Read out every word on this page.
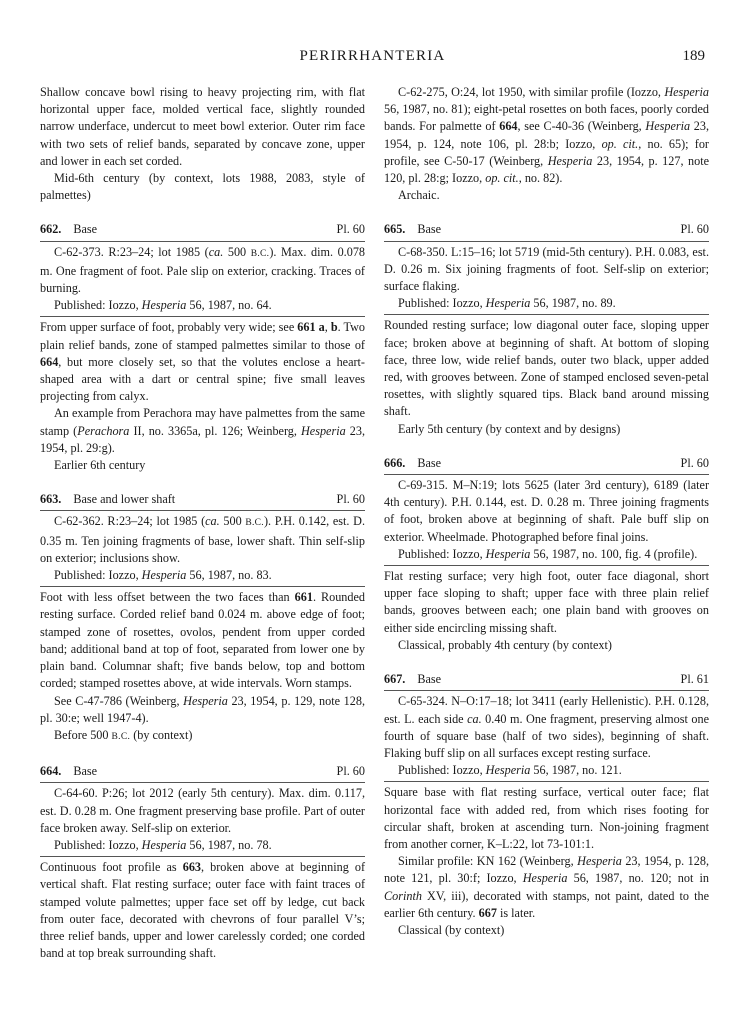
PERIRRHANTERIA	189

Shallow concave bowl rising to heavy projecting rim, with flat horizontal upper face, molded vertical face, slightly rounded narrow underface, undercut to meet bowl exterior. Outer rim face with two sets of relief bands, separated by concave zone, upper and lower in each set corded.

Mid-6th century (by context, lots 1988, 2083, style of palmettes)

662. Base	Pl. 60

C-62-373. R:23–24; lot 1985 (ca. 500 B.C.). Max. dim. 0.078 m. One fragment of foot. Pale slip on exterior, cracking. Traces of burning.

Published: Iozzo, Hesperia 56, 1987, no. 64.

From upper surface of foot, probably very wide; see 661 a, b. Two plain relief bands, zone of stamped palmettes similar to those of 664, but more closely set, so that the volutes enclose a heart-shaped area with a dart or central spine; five small leaves projecting from calyx.

An example from Perachora may have palmettes from the same stamp (Perachora II, no. 3365a, pl. 126; Weinberg, Hesperia 23, 1954, pl. 29:g).

Earlier 6th century

663. Base and lower shaft	Pl. 60

C-62-362. R:23–24; lot 1985 (ca. 500 B.C.). P.H. 0.142, est. D. 0.35 m. Ten joining fragments of base, lower shaft. Thin self-slip on exterior; inclusions show.

Published: Iozzo, Hesperia 56, 1987, no. 83.

Foot with less offset between the two faces than 661. Rounded resting surface. Corded relief band 0.024 m. above edge of foot; stamped zone of rosettes, ovolos, pendent from upper corded band; additional band at top of foot, separated from lower one by plain band. Columnar shaft; five bands below, top and bottom corded; stamped rosettes above, at wide intervals. Worn stamps.

See C-47-786 (Weinberg, Hesperia 23, 1954, p. 129, note 128, pl. 30:e; well 1947-4).

Before 500 B.C. (by context)

664. Base	Pl. 60

C-64-60. P:26; lot 2012 (early 5th century). Max. dim. 0.117, est. D. 0.28 m. One fragment preserving base profile. Part of outer face broken away. Self-slip on exterior.

Published: Iozzo, Hesperia 56, 1987, no. 78.

Continuous foot profile as 663, broken above at beginning of vertical shaft. Flat resting surface; outer face with faint traces of stamped volute palmettes; upper face set off by ledge, cut back from outer face, decorated with chevrons of four parallel V’s; three relief bands, upper and lower carelessly corded; one corded band at top break surrounding shaft.

C-62-275, O:24, lot 1950, with similar profile (Iozzo, Hesperia 56, 1987, no. 81); eight-petal rosettes on both faces, poorly corded bands. For palmette of 664, see C-40-36 (Weinberg, Hesperia 23, 1954, p. 124, note 106, pl. 28:b; Iozzo, op. cit., no. 65); for profile, see C-50-17 (Weinberg, Hesperia 23, 1954, p. 127, note 120, pl. 28:g; Iozzo, op. cit., no. 82).

Archaic.

665. Base	Pl. 60

C-68-350. L:15–16; lot 5719 (mid-5th century). P.H. 0.083, est. D. 0.26 m. Six joining fragments of foot. Self-slip on exterior; surface flaking.

Published: Iozzo, Hesperia 56, 1987, no. 89.

Rounded resting surface; low diagonal outer face, sloping upper face; broken above at beginning of shaft. At bottom of sloping face, three low, wide relief bands, outer two black, upper added red, with grooves between. Zone of stamped enclosed seven-petal rosettes, with slightly squared tips. Black band around missing shaft.

Early 5th century (by context and by designs)

666. Base	Pl. 60

C-69-315. M–N:19; lots 5625 (later 3rd century), 6189 (later 4th century). P.H. 0.144, est. D. 0.28 m. Three joining fragments of foot, broken above at beginning of shaft. Pale buff slip on exterior. Wheelmade. Photographed before final joins.

Published: Iozzo, Hesperia 56, 1987, no. 100, fig. 4 (profile).

Flat resting surface; very high foot, outer face diagonal, short upper face sloping to shaft; upper face with three plain relief bands, grooves between each; one plain band with grooves on either side encircling missing shaft.

Classical, probably 4th century (by context)

667. Base	Pl. 61

C-65-324. N–O:17–18; lot 3411 (early Hellenistic). P.H. 0.128, est. L. each side ca. 0.40 m. One fragment, preserving almost one fourth of square base (half of two sides), beginning of shaft. Flaking buff slip on all surfaces except resting surface.

Published: Iozzo, Hesperia 56, 1987, no. 121.

Square base with flat resting surface, vertical outer face; flat horizontal face with added red, from which rises footing for circular shaft, broken at ascending turn. Non-joining fragment from another corner, K–L:22, lot 73-101:1.

Similar profile: KN 162 (Weinberg, Hesperia 23, 1954, p. 128, note 121, pl. 30:f; Iozzo, Hesperia 56, 1987, no. 120; not in Corinth XV, iii), decorated with stamps, not paint, dated to the earlier 6th century. 667 is later.

Classical (by context)
